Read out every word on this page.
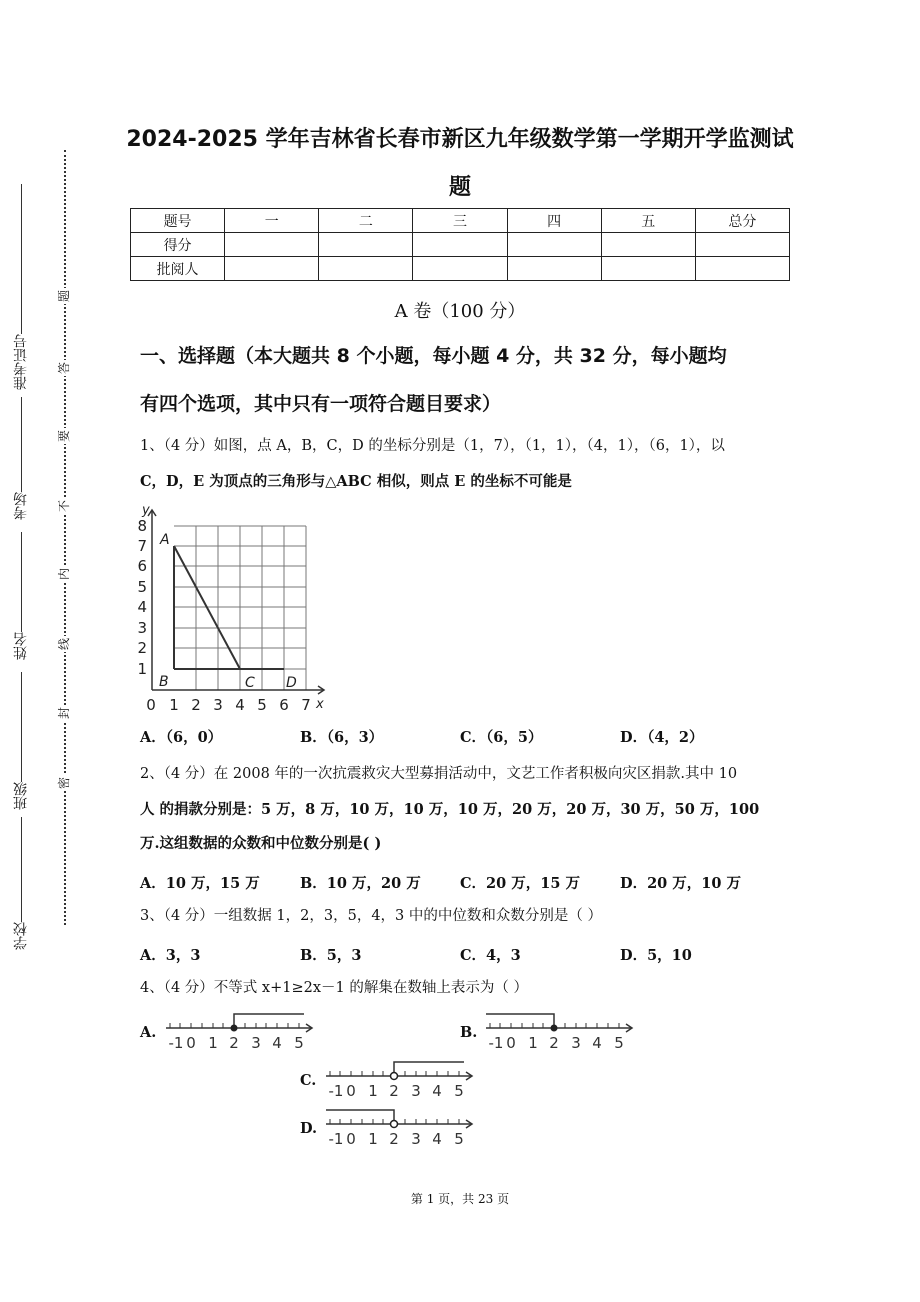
2024-2025 学年吉林省长春市新区九年级数学第一学期开学监测试
题
题
答
要
不
内
线
封
密
准考证号
考场
姓名
班级
学校
题号	一	二	三	四	五	总分
得分						
批阅人						
A 卷（100 分）
一、选择题（本大题共 8 个小题，每小题 4 分，共 32 分，每小题均
有四个选项，其中只有一项符合题目要求）
1、（4 分）如图，点 A，B，C，D 的坐标分别是（1，7），（1，1），（4，1），（6，1），以
C，D，E 为顶点的三角形与△ABC 相似，则点 E 的坐标不可能是
8
7
6
5
4
3
2
1
0 1 2 3 4 5 6 7 x
y
A
B	C D
A．（6，0）	B．（6，3）	C．（6，5）	D．（4，2）
2、（4 分）在 2008 年的一次抗震救灾大型募捐活动中，文艺工作者积极向灾区捐款.其中 10
人 的捐款分别是：5 万，8 万，10 万，10 万，10 万，20 万，20 万，30 万，50 万，100
万.这组数据的众数和中位数分别是( )
A．10 万，15 万	B．10 万，20 万	C．20 万，15 万	D．20 万，10 万
3、（4 分）一组数据 1，2，3，5，4，3 中的中位数和众数分别是（ ）
A．3，3	B．5，3	C．4，3	D．5，10
4、（4 分）不等式 x+1≥2x－1 的解集在数轴上表示为（ ）
A.
-1 0 1 2 3 4 5
B.
-1 0 1 2 3 4 5
C.
-1 0 1 2 3 4 5
D.
-1 0 1 2 3 4 5
第 1 页，共 23 页
